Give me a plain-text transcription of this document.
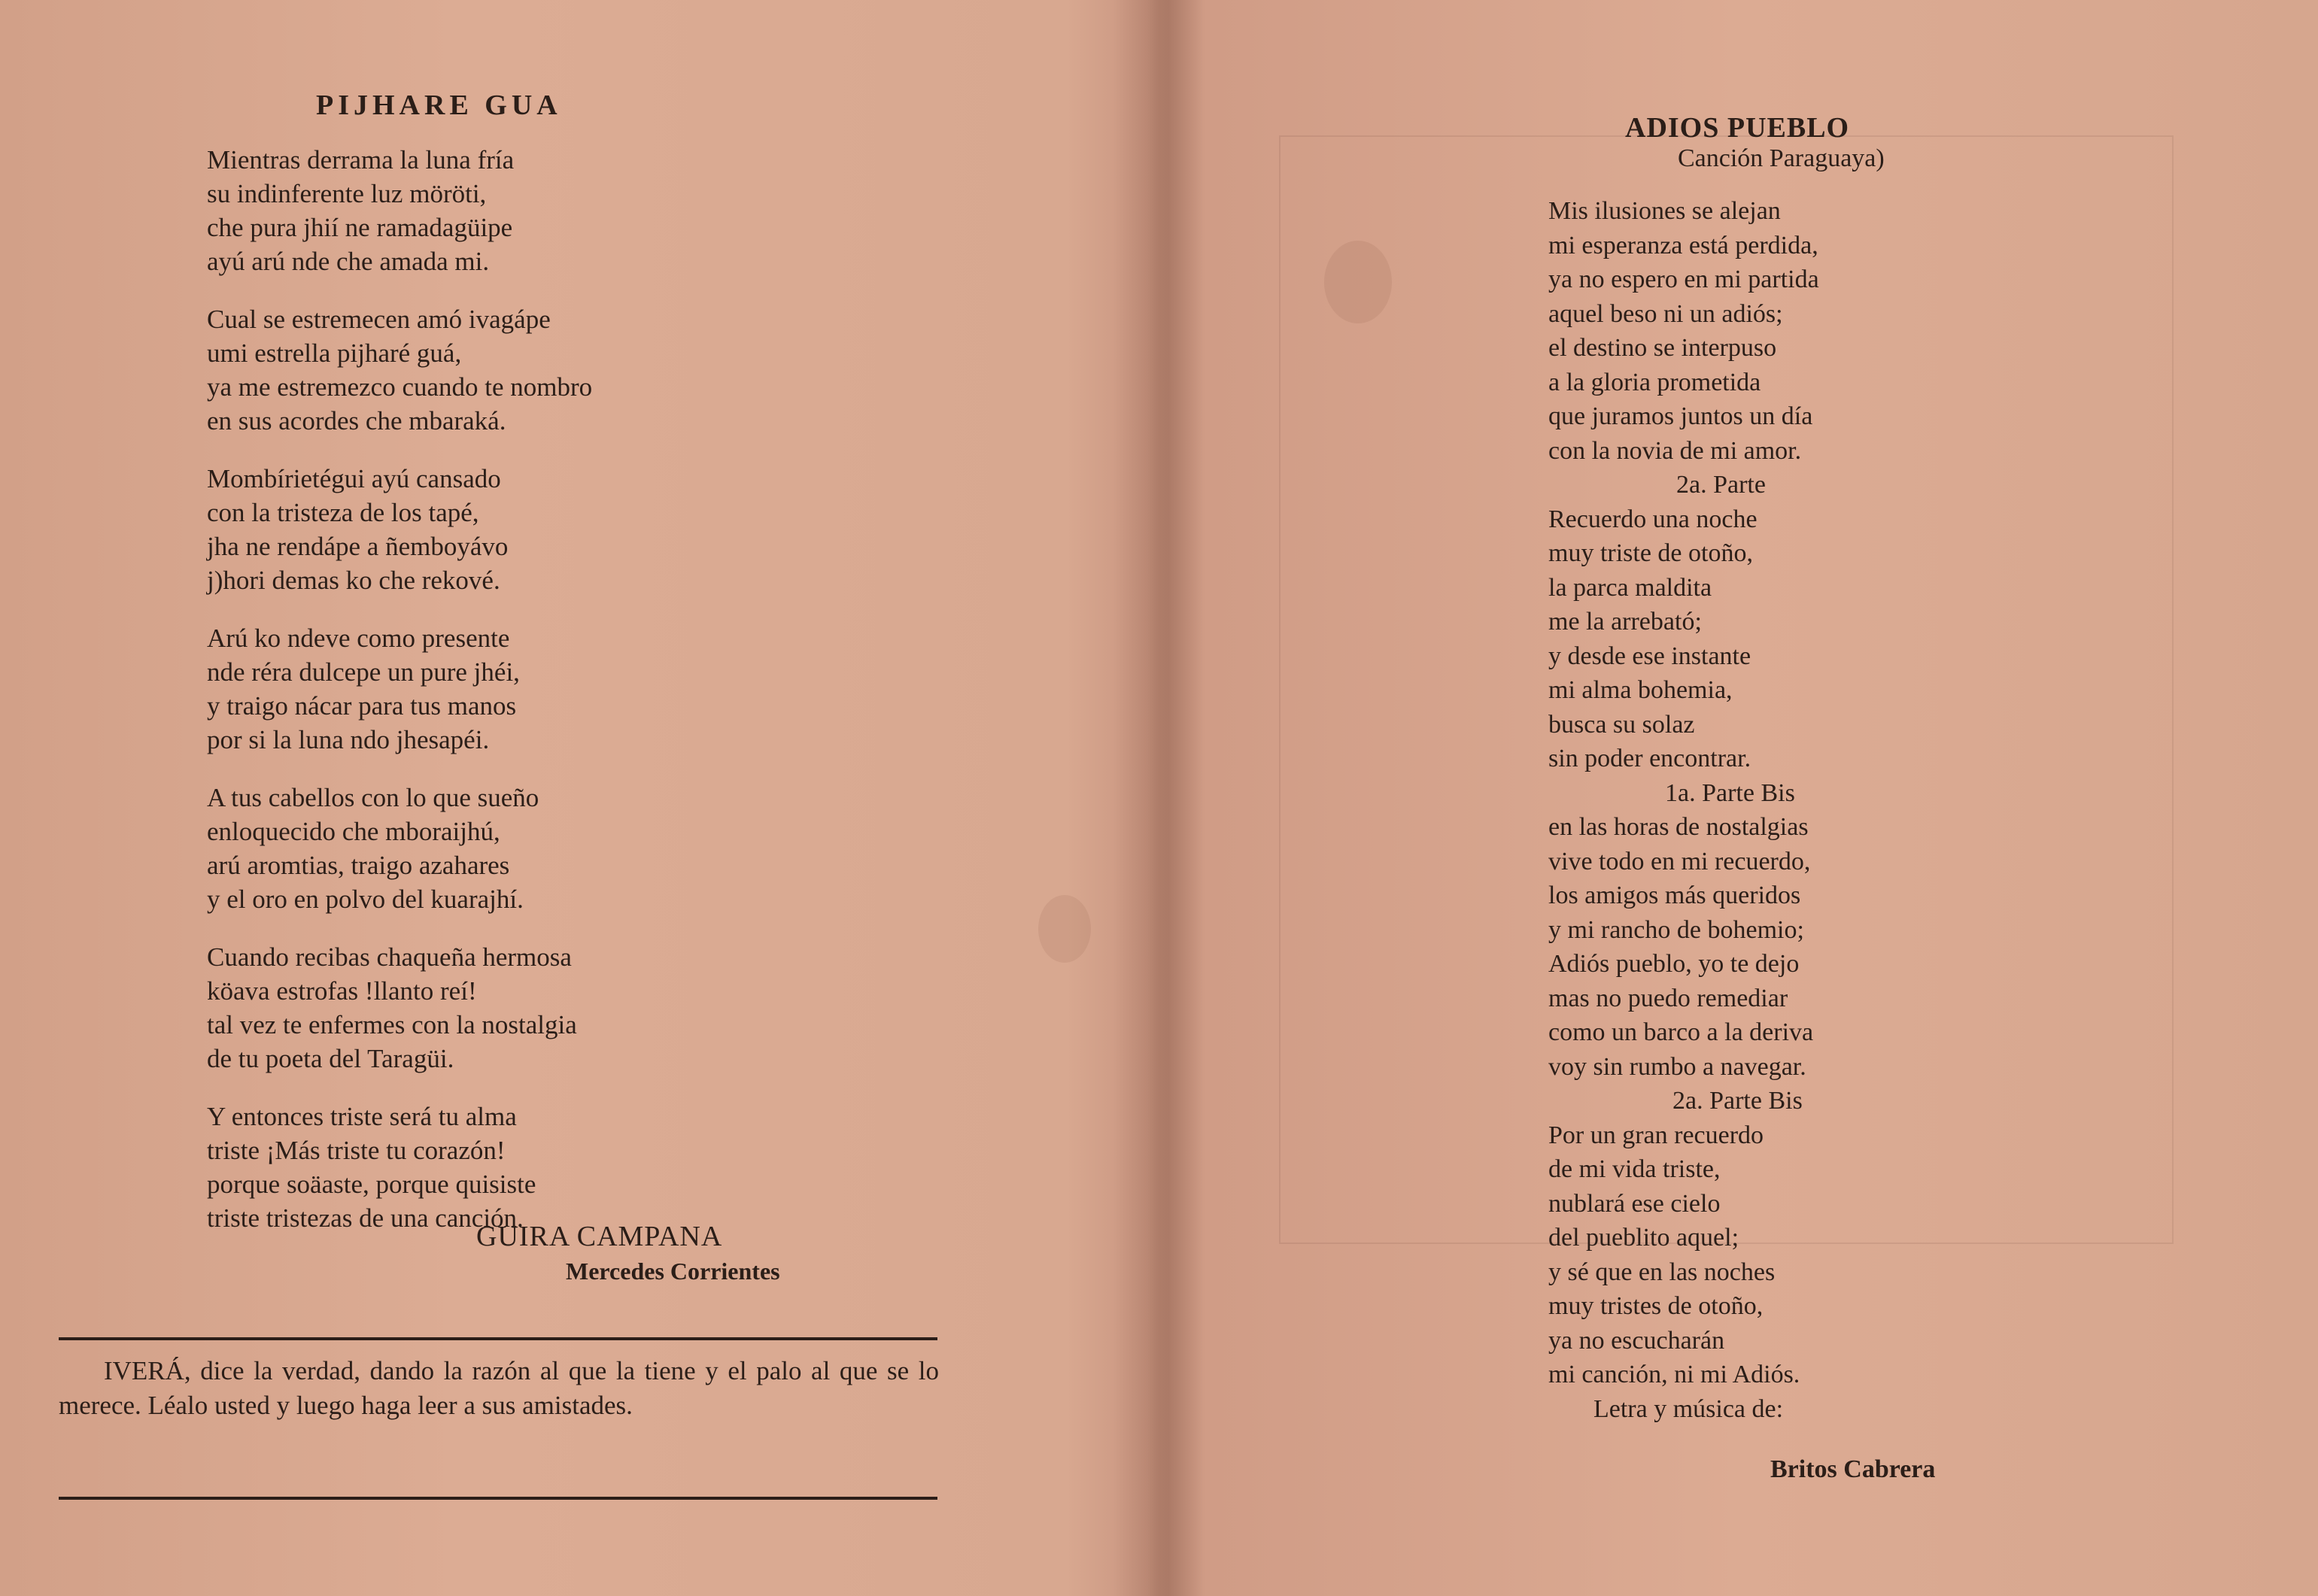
PIJHARE GUA
Mientras derrama la luna fría
su indinferente luz möröti,
che pura jhií ne ramadagüipe
ayú arú nde che amada mi.
Cual se estremecen amó ivagápe
umi estrella pijharé guá,
ya me estremezco cuando te nombro
en sus acordes che mbaraká.
Mombírietégui ayú cansado
con la tristeza de los tapé,
jha ne rendápe a ñemboyávo
j)hori demas ko che rekové.
Arú ko ndeve como presente
nde réra dulcepe un pure jhéi,
y traigo nácar para tus manos
por si la luna ndo jhesapéi.
A tus cabellos con lo que sueño
enloquecido che mboraijhú,
arú aromtias, traigo azahares
y el oro en polvo del kuarajhí.
Cuando recibas chaqueña hermosa
köava estrofas !llanto reí!
tal vez te enfermes con la nostalgia
de tu poeta del Taragüi.
Y entonces triste será tu alma
triste ¡Más triste tu corazón!
porque soäaste, porque quisiste
triste tristezas de una canción.
GUIRA CAMPANA
Mercedes Corrientes
IVERÁ, dice la verdad, dando la razón al que la tiene y el palo al que se lo merece. Léalo usted y luego haga leer a sus amistades.
ADIOS PUEBLO
Canción Paraguaya)
Mis ilusiones se alejan
mi esperanza está perdida,
ya no espero en mi partida
aquel beso ni un adiós;
el destino se interpuso
a la gloria prometida
que juramos juntos un día
con la novia de mi amor.
2a. Parte
Recuerdo una noche
muy triste de otoño,
la parca maldita
me la arrebató;
y desde ese instante
mi alma bohemia,
busca su solaz
sin poder encontrar.
1a. Parte Bis
en las horas de nostalgias
vive todo en mi recuerdo,
los amigos más queridos
y mi rancho de bohemio;
Adiós pueblo, yo te dejo
mas no puedo remediar
como un barco a la deriva
voy sin rumbo a navegar.
2a. Parte Bis
Por un gran recuerdo
de mi vida triste,
nublará ese cielo
del pueblito aquel;
y sé que en las noches
muy tristes de otoño,
ya no escucharán
mi canción, ni mi Adiós.
Letra y música de:
Britos Cabrera
